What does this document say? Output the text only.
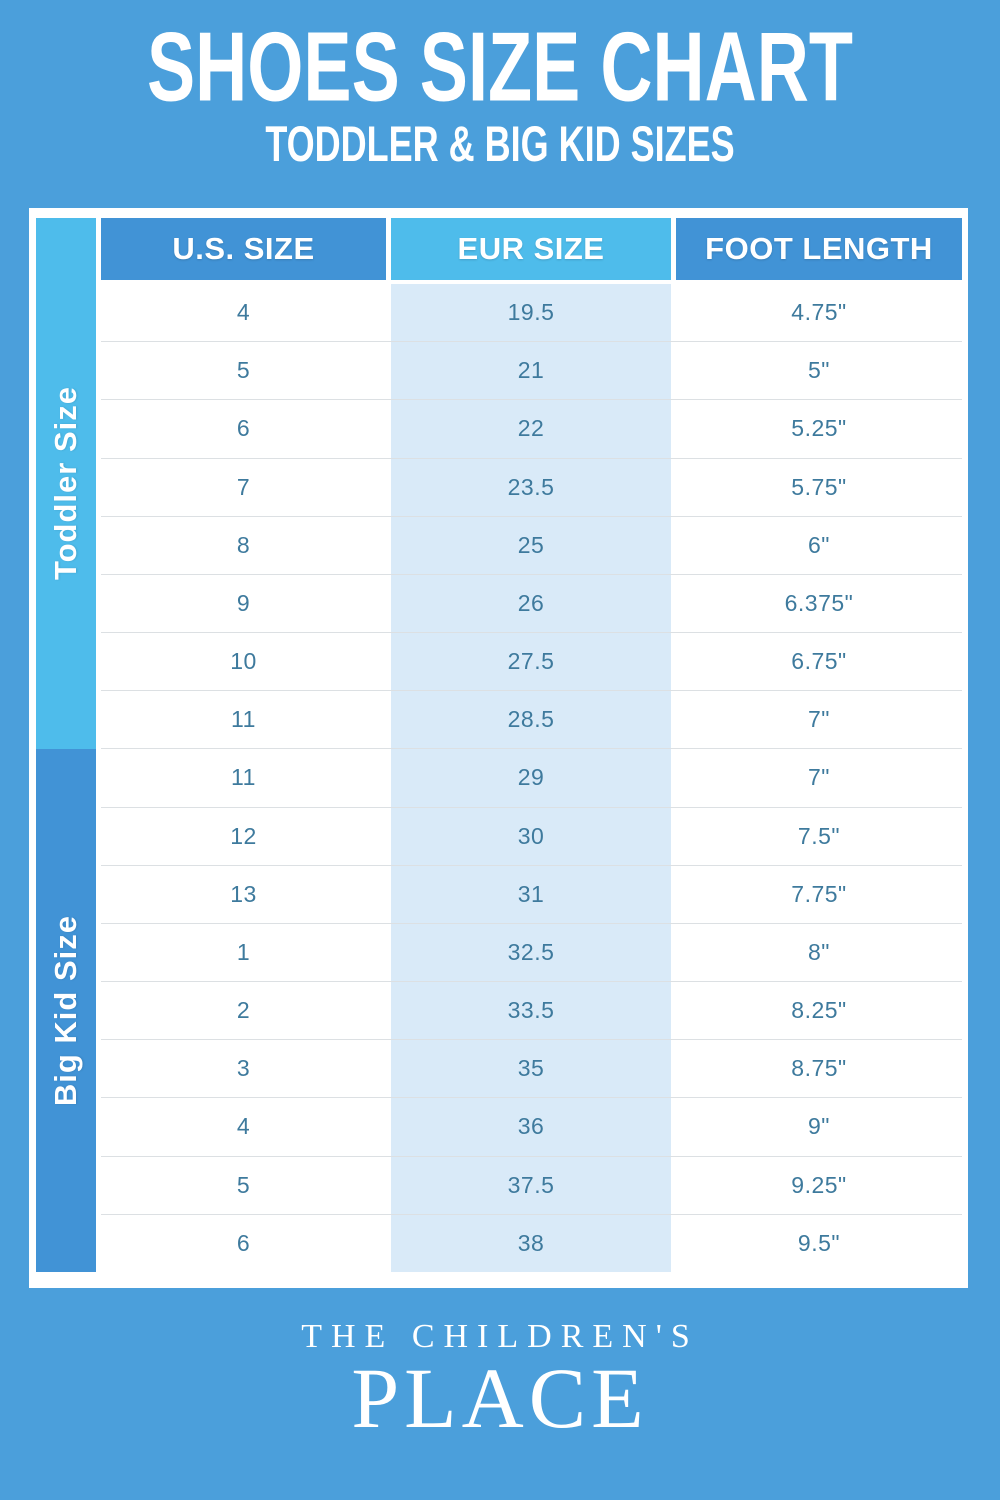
SHOES SIZE CHART
TODDLER & BIG KID SIZES
Toddler Size
Big Kid Size
U.S. SIZE	EUR SIZE	FOOT LENGTH
4	19.5	4.75"
5	21	5"
6	22	5.25"
7	23.5	5.75"
8	25	6"
9	26	6.375"
10	27.5	6.75"
11	28.5	7"
11	29	7"
12	30	7.5"
13	31	7.75"
1	32.5	8"
2	33.5	8.25"
3	35	8.75"
4	36	9"
5	37.5	9.25"
6	38	9.5"
THE CHILDREN'S
PLACE
